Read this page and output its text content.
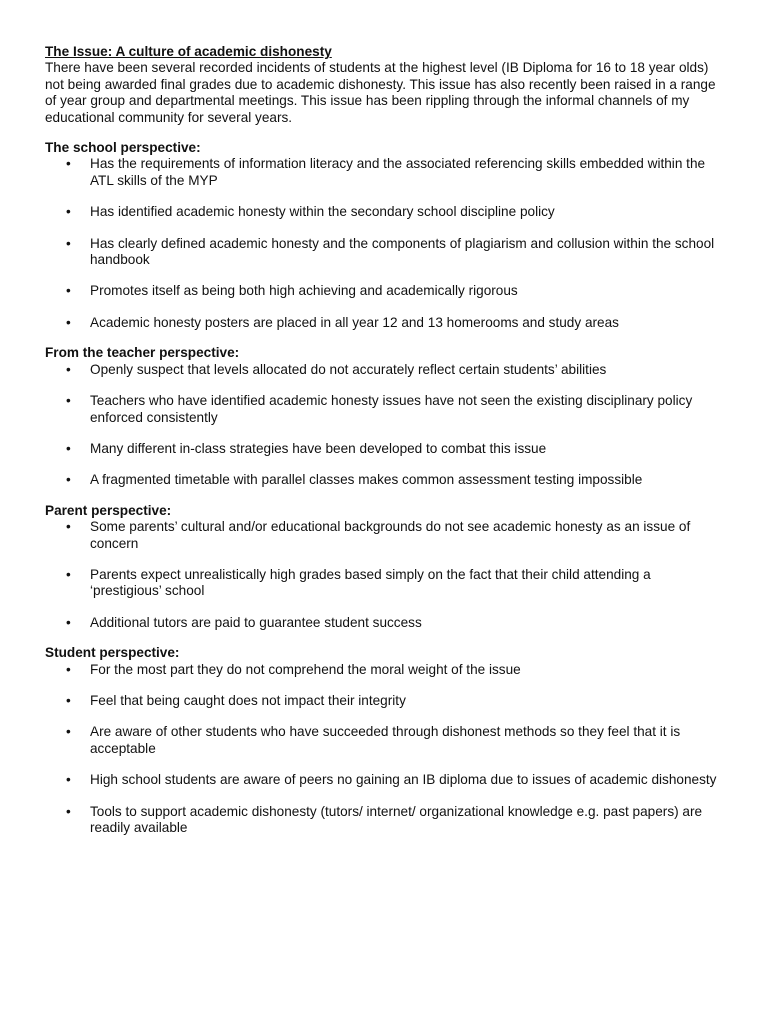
The Issue: A culture of academic dishonesty

There have been several recorded incidents of students at the highest level (IB Diploma for 16 to 18 year olds) not being awarded final grades due to academic dishonesty. This issue has also recently been raised in a range of year group and departmental meetings. This issue has been rippling through the informal channels of my educational community for several years.

The school perspective:
• Has the requirements of information literacy and the associated referencing skills embedded within the ATL skills of the MYP
• Has identified academic honesty within the secondary school discipline policy
• Has clearly defined academic honesty and the components of plagiarism and collusion within the school handbook
• Promotes itself as being both high achieving and academically rigorous
• Academic honesty posters are placed in all year 12 and 13 homerooms and study areas
From the teacher perspective:
• Openly suspect that levels allocated do not accurately reflect certain students’ abilities
• Teachers who have identified academic honesty issues have not seen the existing disciplinary policy enforced consistently
• Many different in-class strategies have been developed to combat this issue
• A fragmented timetable with parallel classes makes common assessment testing impossible
Parent perspective:
• Some parents’ cultural and/or educational backgrounds do not see academic honesty as an issue of concern
• Parents expect unrealistically high grades based simply on the fact that their child attending a ‘prestigious’ school
• Additional tutors are paid to guarantee student success
Student perspective:
• For the most part they do not comprehend the moral weight of the issue
• Feel that being caught does not impact their integrity
• Are aware of other students who have succeeded through dishonest methods so they feel that it is acceptable
• High school students are aware of peers no gaining an IB diploma due to issues of academic dishonesty
• Tools to support academic dishonesty (tutors/ internet/ organizational knowledge e.g. past papers) are readily available
